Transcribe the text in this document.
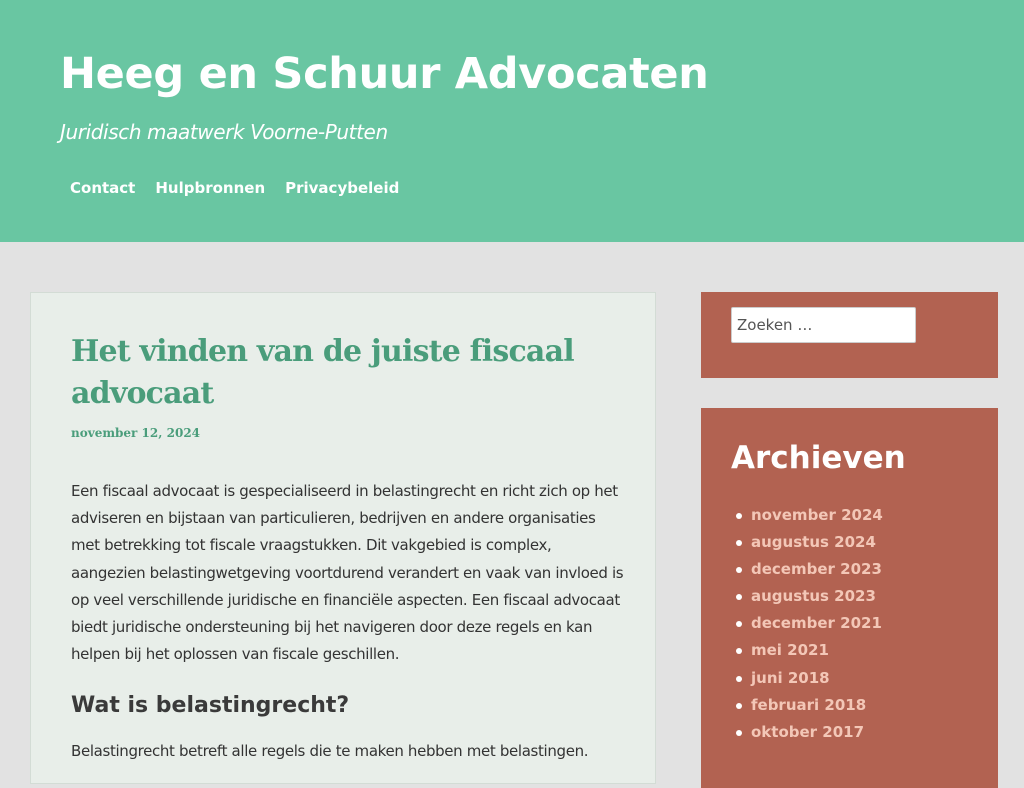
Heeg en Schuur Advocaten

Juridisch maatwerk Voorne-Putten

Contact	Hulpbronnen	Privacybeleid
Het vinden van de juiste fiscaal advocaat
november 12, 2024

Een fiscaal advocaat is gespecialiseerd in belastingrecht en richt zich op het adviseren en bijstaan van particulieren, bedrijven en andere organisaties met betrekking tot fiscale vraagstukken. Dit vakgebied is complex, aangezien belastingwetgeving voortdurend verandert en vaak van invloed is op veel verschillende juridische en financiële aspecten. Een fiscaal advocaat biedt juridische ondersteuning bij het navigeren door deze regels en kan helpen bij het oplossen van fiscale geschillen.

Wat is belastingrecht?

Belastingrecht betreft alle regels die te maken hebben met belastingen.

Zoeken …
Archieven
november 2024
augustus 2024
december 2023
augustus 2023
december 2021
mei 2021
juni 2018
februari 2018
oktober 2017
